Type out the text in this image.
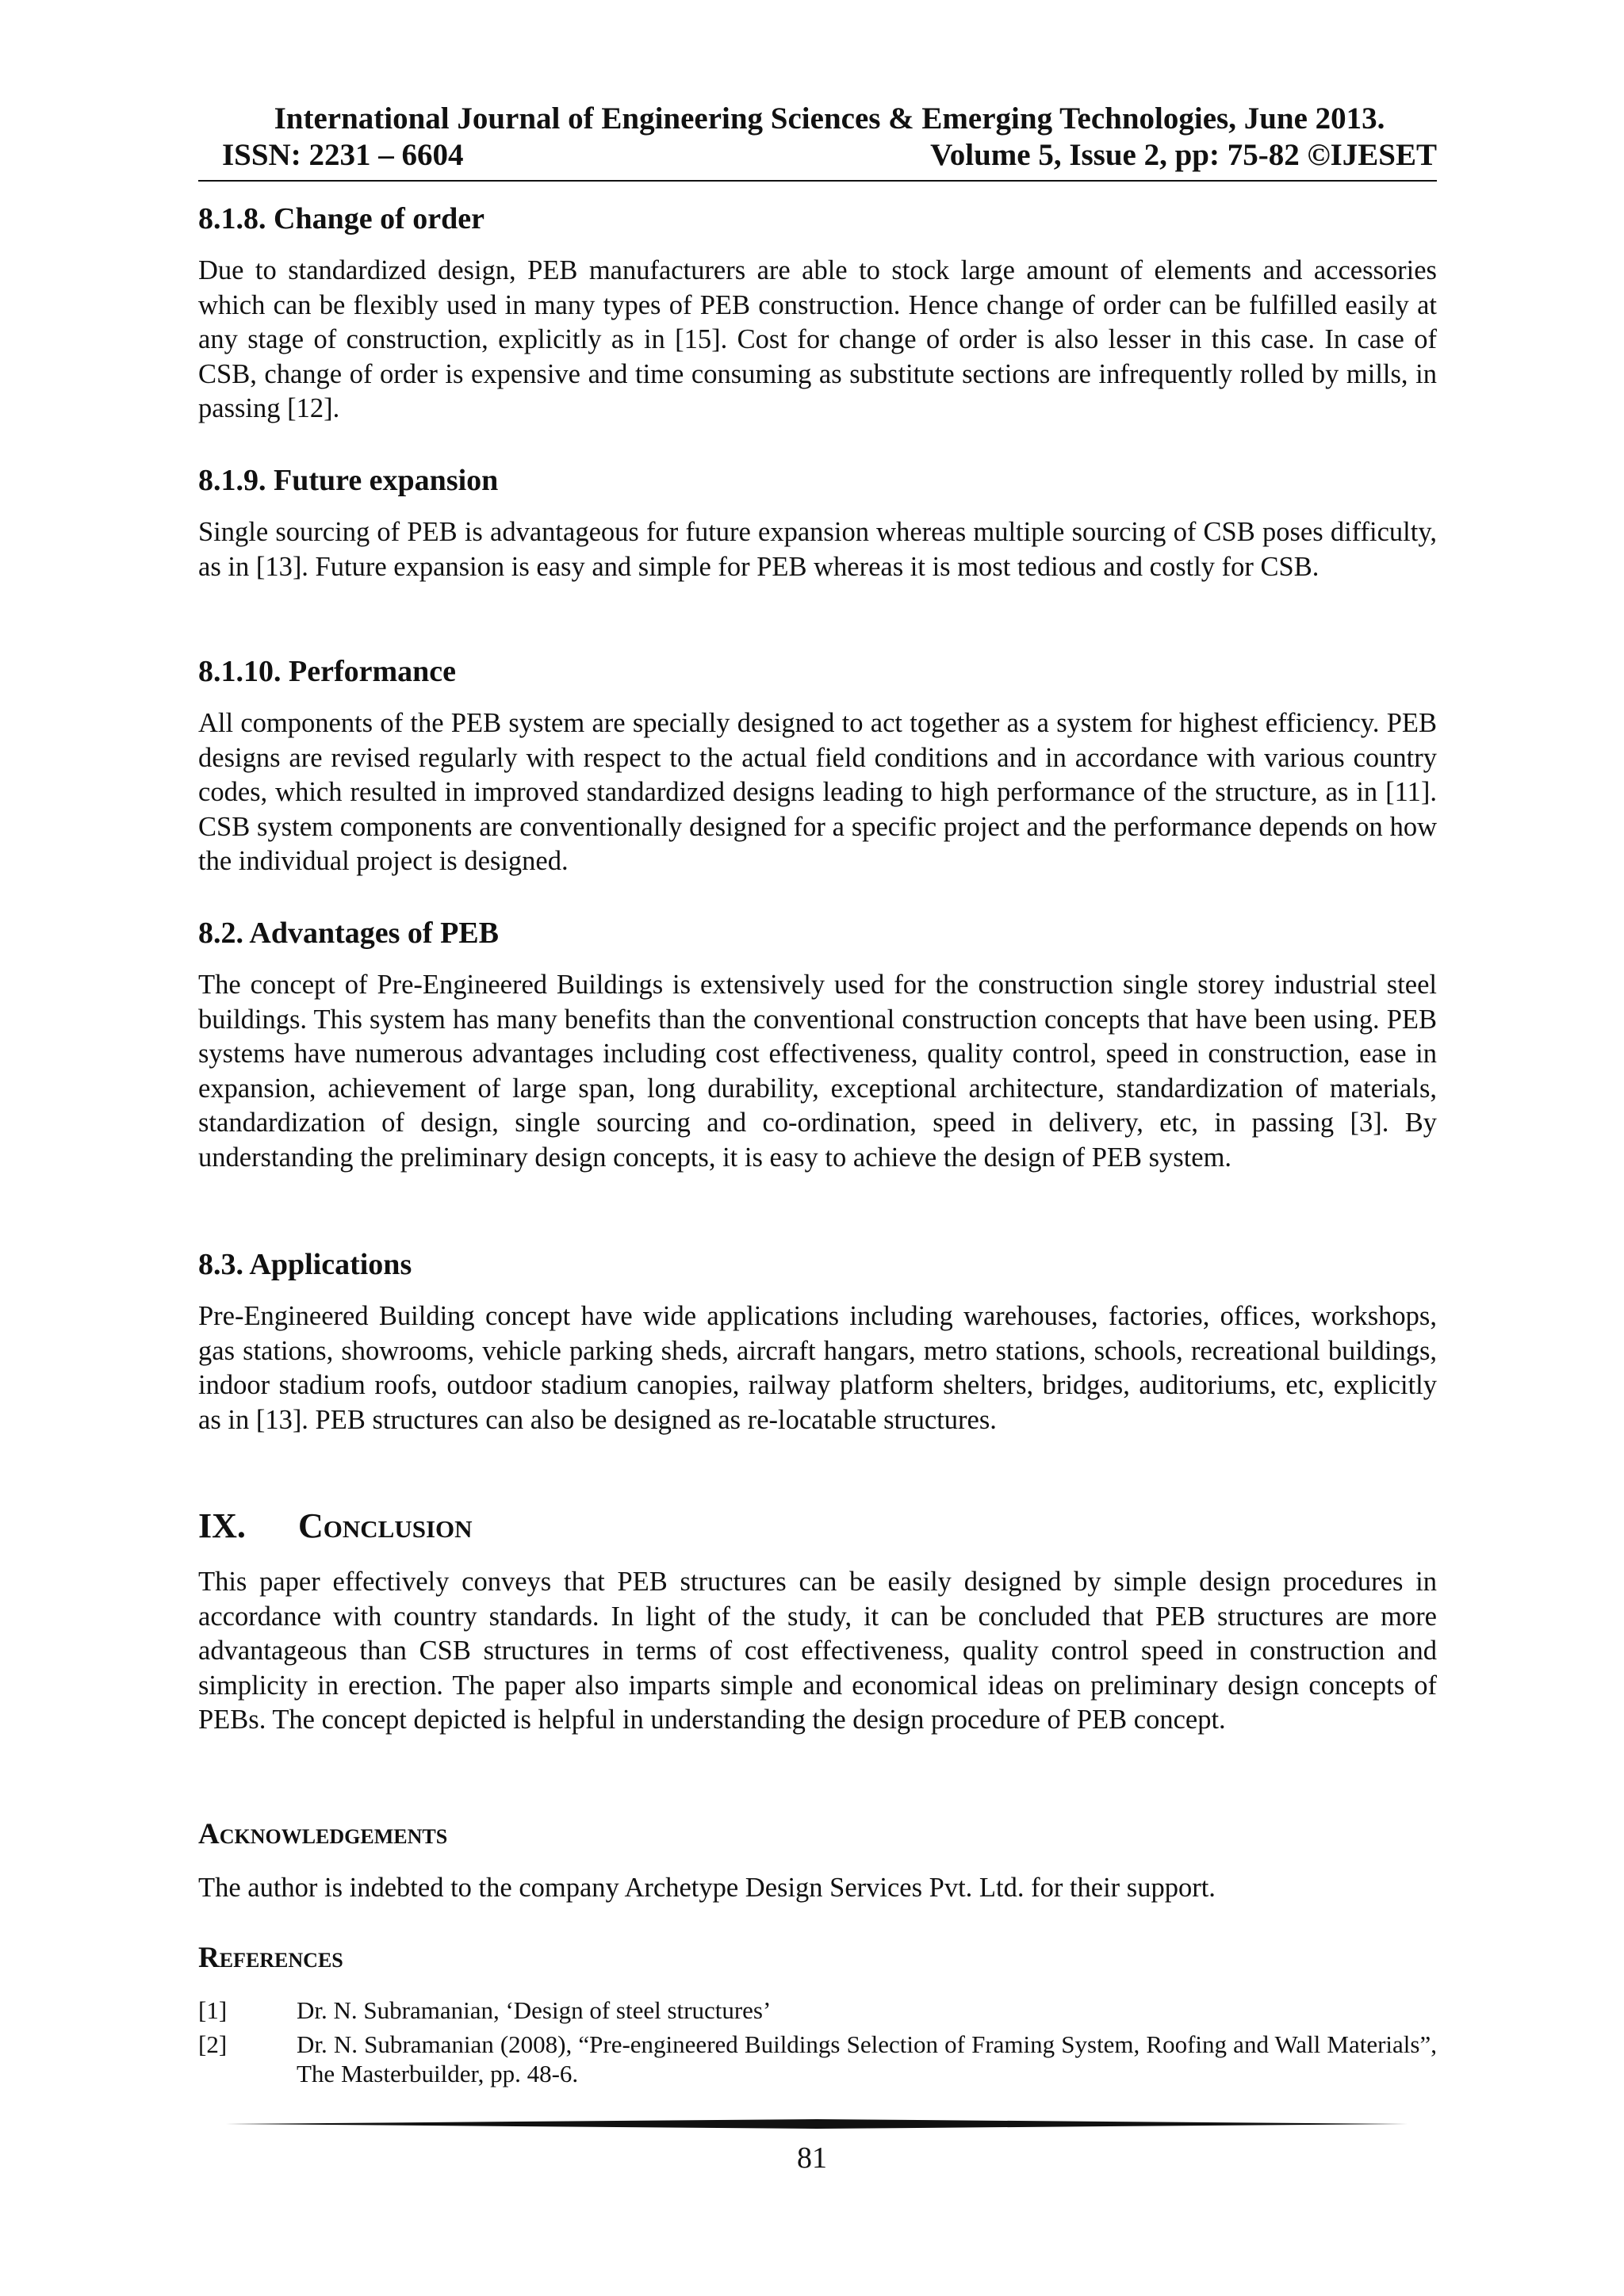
International Journal of Engineering Sciences & Emerging Technologies, June 2013.
ISSN: 2231 – 6604	Volume 5, Issue 2, pp: 75-82 ©IJESET
8.1.8. Change of order
Due to standardized design, PEB manufacturers are able to stock large amount of elements and accessories which can be flexibly used in many types of PEB construction. Hence change of order can be fulfilled easily at any stage of construction, explicitly as in [15]. Cost for change of order is also lesser in this case. In case of CSB, change of order is expensive and time consuming as substitute sections are infrequently rolled by mills, in passing [12].
8.1.9. Future expansion
Single sourcing of PEB is advantageous for future expansion whereas multiple sourcing of CSB poses difficulty, as in [13]. Future expansion is easy and simple for PEB whereas it is most tedious and costly for CSB.
8.1.10. Performance
All components of the PEB system are specially designed to act together as a system for highest efficiency. PEB designs are revised regularly with respect to the actual field conditions and in accordance with various country codes, which resulted in improved standardized designs leading to high performance of the structure, as in [11]. CSB system components are conventionally designed for a specific project and the performance depends on how the individual project is designed.
8.2. Advantages of PEB
The concept of Pre-Engineered Buildings is extensively used for the construction single storey industrial steel buildings. This system has many benefits than the conventional construction concepts that have been using. PEB systems have numerous advantages including cost effectiveness, quality control, speed in construction, ease in expansion, achievement of large span, long durability, exceptional architecture, standardization of materials, standardization of design, single sourcing and co-ordination, speed in delivery, etc, in passing [3]. By understanding the preliminary design concepts, it is easy to achieve the design of PEB system.
8.3. Applications
Pre-Engineered Building concept have wide applications including warehouses, factories, offices, workshops, gas stations, showrooms, vehicle parking sheds, aircraft hangars, metro stations, schools, recreational buildings, indoor stadium roofs, outdoor stadium canopies, railway platform shelters, bridges, auditoriums, etc, explicitly as in [13]. PEB structures can also be designed as re-locatable structures.
IX. Conclusion
This paper effectively conveys that PEB structures can be easily designed by simple design procedures in accordance with country standards. In light of the study, it can be concluded that PEB structures are more advantageous than CSB structures in terms of cost effectiveness, quality control speed in construction and simplicity in erection. The paper also imparts simple and economical ideas on preliminary design concepts of PEBs. The concept depicted is helpful in understanding the design procedure of PEB concept.
Acknowledgements
The author is indebted to the company Archetype Design Services Pvt. Ltd. for their support.
References
[1]	Dr. N. Subramanian, ‘Design of steel structures’
[2]	Dr. N. Subramanian (2008), “Pre-engineered Buildings Selection of Framing System, Roofing and Wall Materials”, The Masterbuilder, pp. 48-6.
81
